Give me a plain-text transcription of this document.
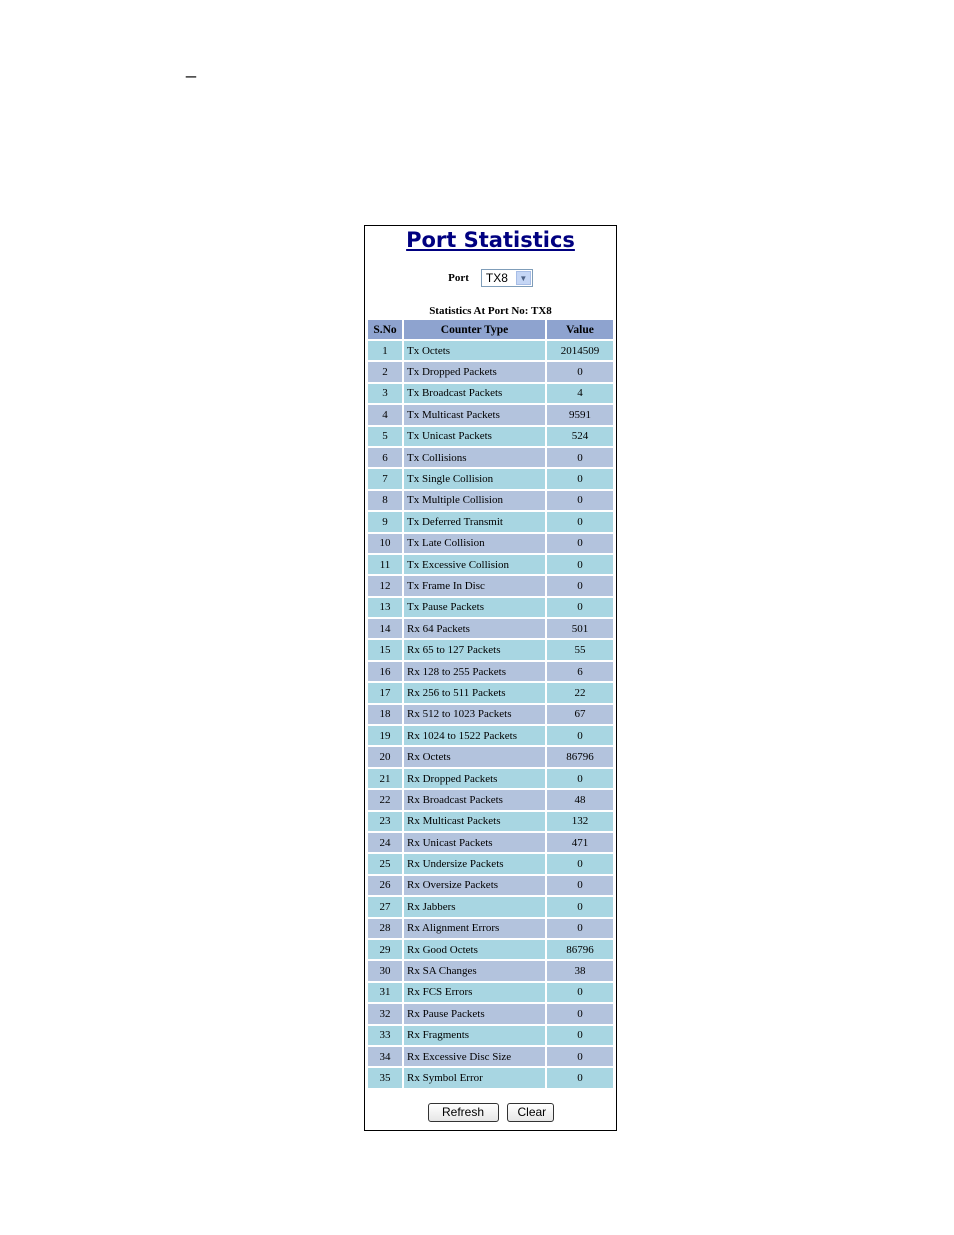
_
Port Statistics
Port	TX8	▼
Statistics At Port No: TX8
S.No	Counter Type	Value
1	Tx Octets	2014509
2	Tx Dropped Packets	0
3	Tx Broadcast Packets	4
4	Tx Multicast Packets	9591
5	Tx Unicast Packets	524
6	Tx Collisions	0
7	Tx Single Collision	0
8	Tx Multiple Collision	0
9	Tx Deferred Transmit	0
10	Tx Late Collision	0
11	Tx Excessive Collision	0
12	Tx Frame In Disc	0
13	Tx Pause Packets	0
14	Rx 64 Packets	501
15	Rx 65 to 127 Packets	55
16	Rx 128 to 255 Packets	6
17	Rx 256 to 511 Packets	22
18	Rx 512 to 1023 Packets	67
19	Rx 1024 to 1522 Packets	0
20	Rx Octets	86796
21	Rx Dropped Packets	0
22	Rx Broadcast Packets	48
23	Rx Multicast Packets	132
24	Rx Unicast Packets	471
25	Rx Undersize Packets	0
26	Rx Oversize Packets	0
27	Rx Jabbers	0
28	Rx Alignment Errors	0
29	Rx Good Octets	86796
30	Rx SA Changes	38
31	Rx FCS Errors	0
32	Rx Pause Packets	0
33	Rx Fragments	0
34	Rx Excessive Disc Size	0
35	Rx Symbol Error	0
Refresh	Clear
